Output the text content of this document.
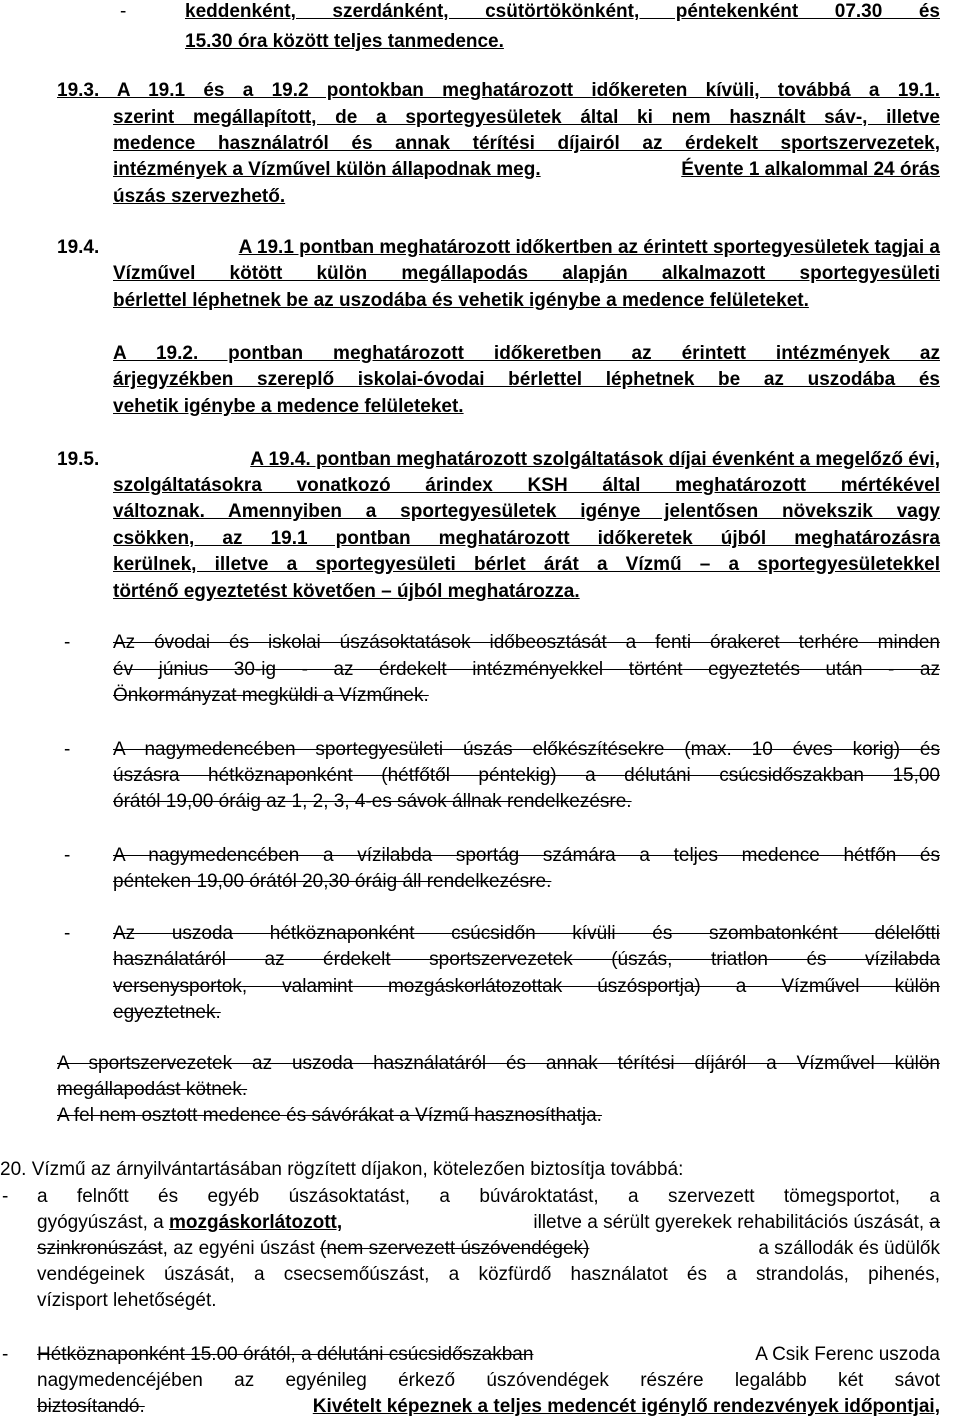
-	keddenként, szerdánként, csütörtökönként, péntekenként 07.30 és
15.30 óra között teljes tanmedence.
19.3. A 19.1 és a 19.2 pontokban meghatározott időkereten kívüli, továbbá a 19.1.
szerint megállapított, de a sportegyesületek által ki nem használt sáv-, illetve
medence használatról és annak térítési díjairól az érdekelt sportszervezetek,
intézmények a Vízművel külön állapodnak meg.	Évente 1 alkalommal 24 órás
úszás szervezhető.
19.4.	A 19.1 pontban meghatározott időkertben az érintett sportegyesületek tagjai a
Vízművel kötött külön megállapodás alapján alkalmazott sportegyesületi
bérlettel léphetnek be az uszodába és vehetik igénybe a medence felületeket.
A 19.2. pontban meghatározott időkeretben az érintett intézmények az
árjegyzékben szereplő iskolai-óvodai bérlettel léphetnek be az uszodába és
vehetik igénybe a medence felületeket.
19.5.	A 19.4. pontban meghatározott szolgáltatások díjai évenként a megelőző évi,
szolgáltatásokra vonatkozó árindex KSH által meghatározott mértékével
változnak. Amennyiben a sportegyesületek igénye jelentősen növekszik vagy
csökken, az 19.1 pontban meghatározott időkeretek újból meghatározásra
kerülnek, illetve a sportegyesületi bérlet árát a Vízmű – a sportegyesületekkel
történő egyeztetést követően – újból meghatározza.
- Az óvodai és iskolai úszásoktatások időbeosztását a fenti órakeret terhére minden
év június 30-ig - az érdekelt intézményekkel történt egyeztetés után - az
Önkormányzat megküldi a Vízműnek.
- A nagymedencében sportegyesületi úszás előkészítésekre (max. 10 éves korig) és
úszásra hétköznaponként (hétfőtől péntekig) a délutáni csúcsidőszakban 15,00
órától 19,00 óráig az 1, 2, 3, 4-es sávok állnak rendelkezésre.
- A nagymedencében a vízilabda sportág számára a teljes medence hétfőn és
pénteken 19,00 órától 20,30 óráig áll rendelkezésre.
- Az uszoda hétköznaponként csúcsidőn kívüli és szombatonként délelőtti
használatáról az érdekelt sportszervezetek (úszás, triatlon és vízilabda
versenysportok, valamint mozgáskorlátozottak úszósportja) a Vízművel külön
egyeztetnek.
A sportszervezetek az uszoda használatáról és annak térítési díjáról a Vízművel külön
megállapodást kötnek.
A fel nem osztott medence és sávórákat a Vízmű hasznosíthatja.
20. Vízmű az árnyilvántartásában rögzített díjakon, kötelezően biztosítja továbbá:
- a felnőtt és egyéb úszásoktatást, a búvároktatást, a szervezett tömegsportot, a
gyógyúszást, a mozgáskorlátozott,	illetve a sérült gyerekek rehabilitációs úszását, a
szinkronúszást, az egyéni úszást (nem szervezett úszóvendégek)	a szállodák és üdülők
vendégeinek úszását, a csecsemőúszást, a közfürdő használatot és a strandolás, pihenés,
vízisport lehetőségét.
- Hétköznaponként 15.00 órától, a délutáni csúcsidőszakban	A Csik Ferenc uszoda
nagymedencéjében az egyénileg érkező úszóvendégek részére legalább két sávot
biztosítandó.	Kivételt képeznek a teljes medencét igénylő rendezvények időpontjai,
